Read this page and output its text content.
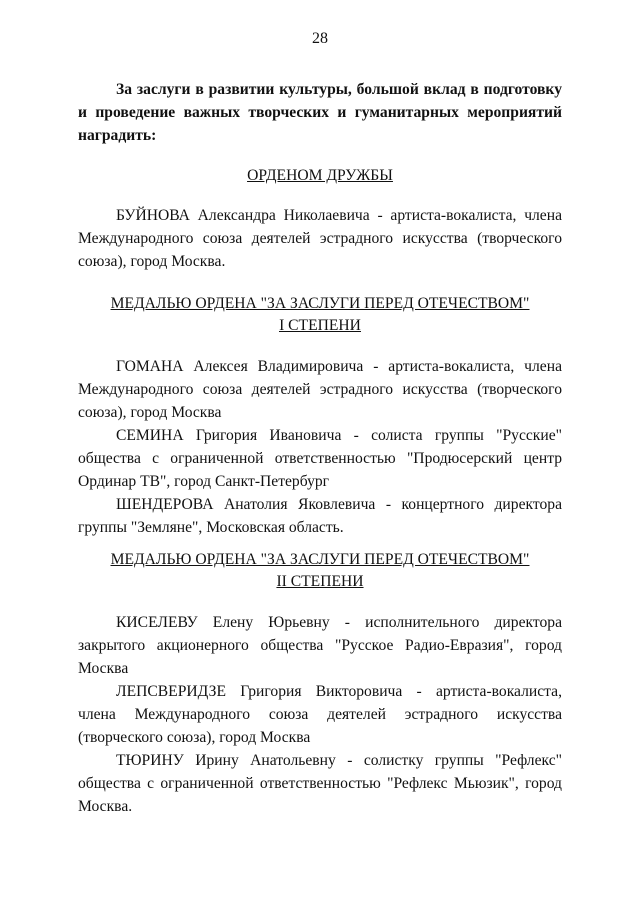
28
За заслуги в развитии культуры, большой вклад в подготовку и проведение важных творческих и гуманитарных мероприятий наградить:
ОРДЕНОМ ДРУЖБЫ

БУЙНОВА Александра Николаевича - артиста-вокалиста, члена Международного союза деятелей эстрадного искусства (творческого союза), город Москва.

МЕДАЛЬЮ ОРДЕНА "ЗА ЗАСЛУГИ ПЕРЕД ОТЕЧЕСТВОМ"
I СТЕПЕНИ

ГОМАНА Алексея Владимировича - артиста-вокалиста, члена Международного союза деятелей эстрадного искусства (творческого союза), город Москва

СЕМИНА Григория Ивановича - солиста группы "Русские" общества с ограниченной ответственностью "Продюсерский центр Ординар ТВ", город Санкт-Петербург

ШЕНДЕРОВА Анатолия Яковлевича - концертного директора группы "Земляне", Московская область.

МЕДАЛЬЮ ОРДЕНА "ЗА ЗАСЛУГИ ПЕРЕД ОТЕЧЕСТВОМ"
II СТЕПЕНИ

КИСЕЛЕВУ Елену Юрьевну - исполнительного директора закрытого акционерного общества "Русское Радио-Евразия", город Москва

ЛЕПСВЕРИДЗЕ Григория Викторовича - артиста-вокалиста, члена Международного союза деятелей эстрадного искусства (творческого союза), город Москва

ТЮРИНУ Ирину Анатольевну - солистку группы "Рефлекс" общества с ограниченной ответственностью "Рефлекс Мьюзик", город Москва.
